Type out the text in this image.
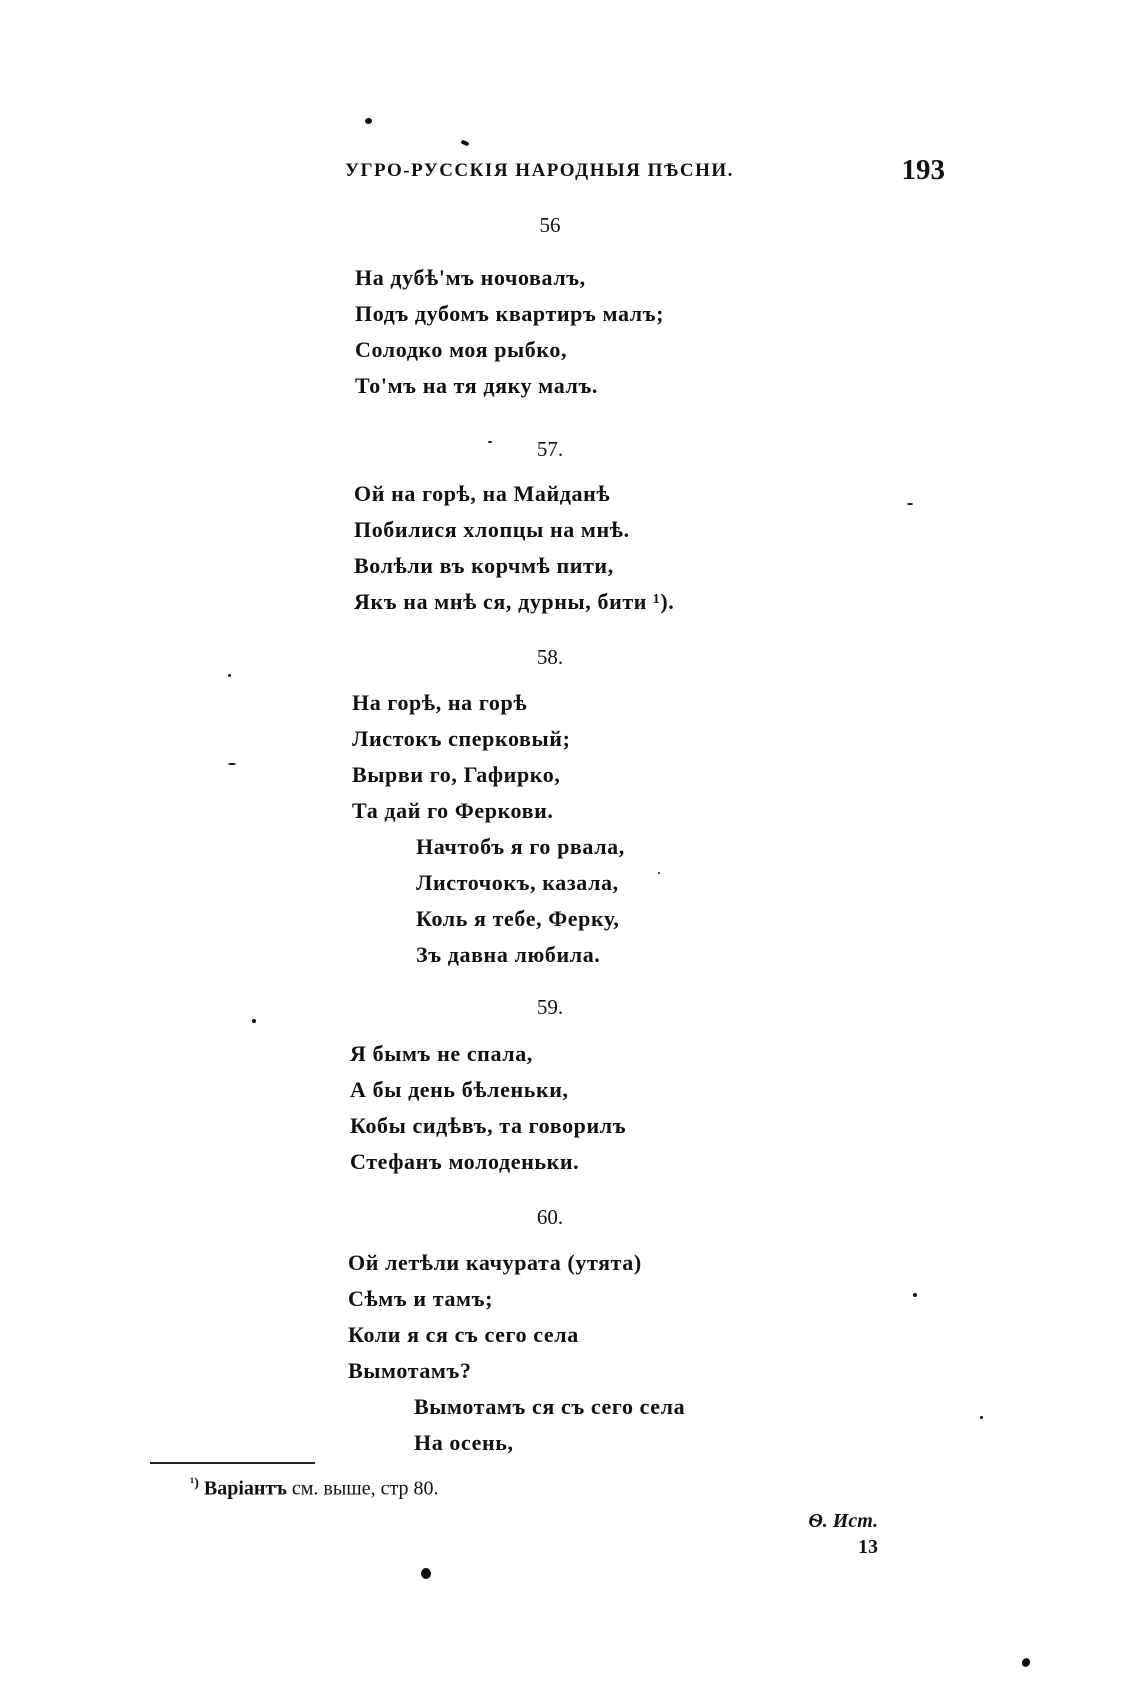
УГРО-РУССКІЯ НАРОДНЫЯ ПѢСНИ.	193
56
На дубѣ'мъ ночовалъ,
Подъ дубомъ квартиръ малъ;
Солодко моя рыбко,
То'мъ на тя дяку малъ.
57.
Ой на горѣ, на Майданѣ
Побилися хлопцы на мнѣ.
Волѣли въ корчмѣ пити,
Якъ на мнѣ ся, дурны, бити ¹).
58.
На горѣ, на горѣ
Листокъ сперковый;
Вырви го, Гафирко,
Та дай го Феркови.
Начтобъ я го рвала,
Листочокъ, казала,
Коль я тебе, Ферку,
Зъ давна любила.
59.
Я бымъ не спала,
А бы день бѣленьки,
Кобы сидѣвъ, та говорилъ
Стефанъ молоденьки.
60.
Ой летѣли качурата (утята)
Сѣмъ и тамъ;
Коли я ся съ сего села
Вымотамъ?
Вымотамъ ся съ сего села
На осень,
$^{^1)}$ Варіантъ см. выше, стр 80.
Ѳ. Ист.
13
